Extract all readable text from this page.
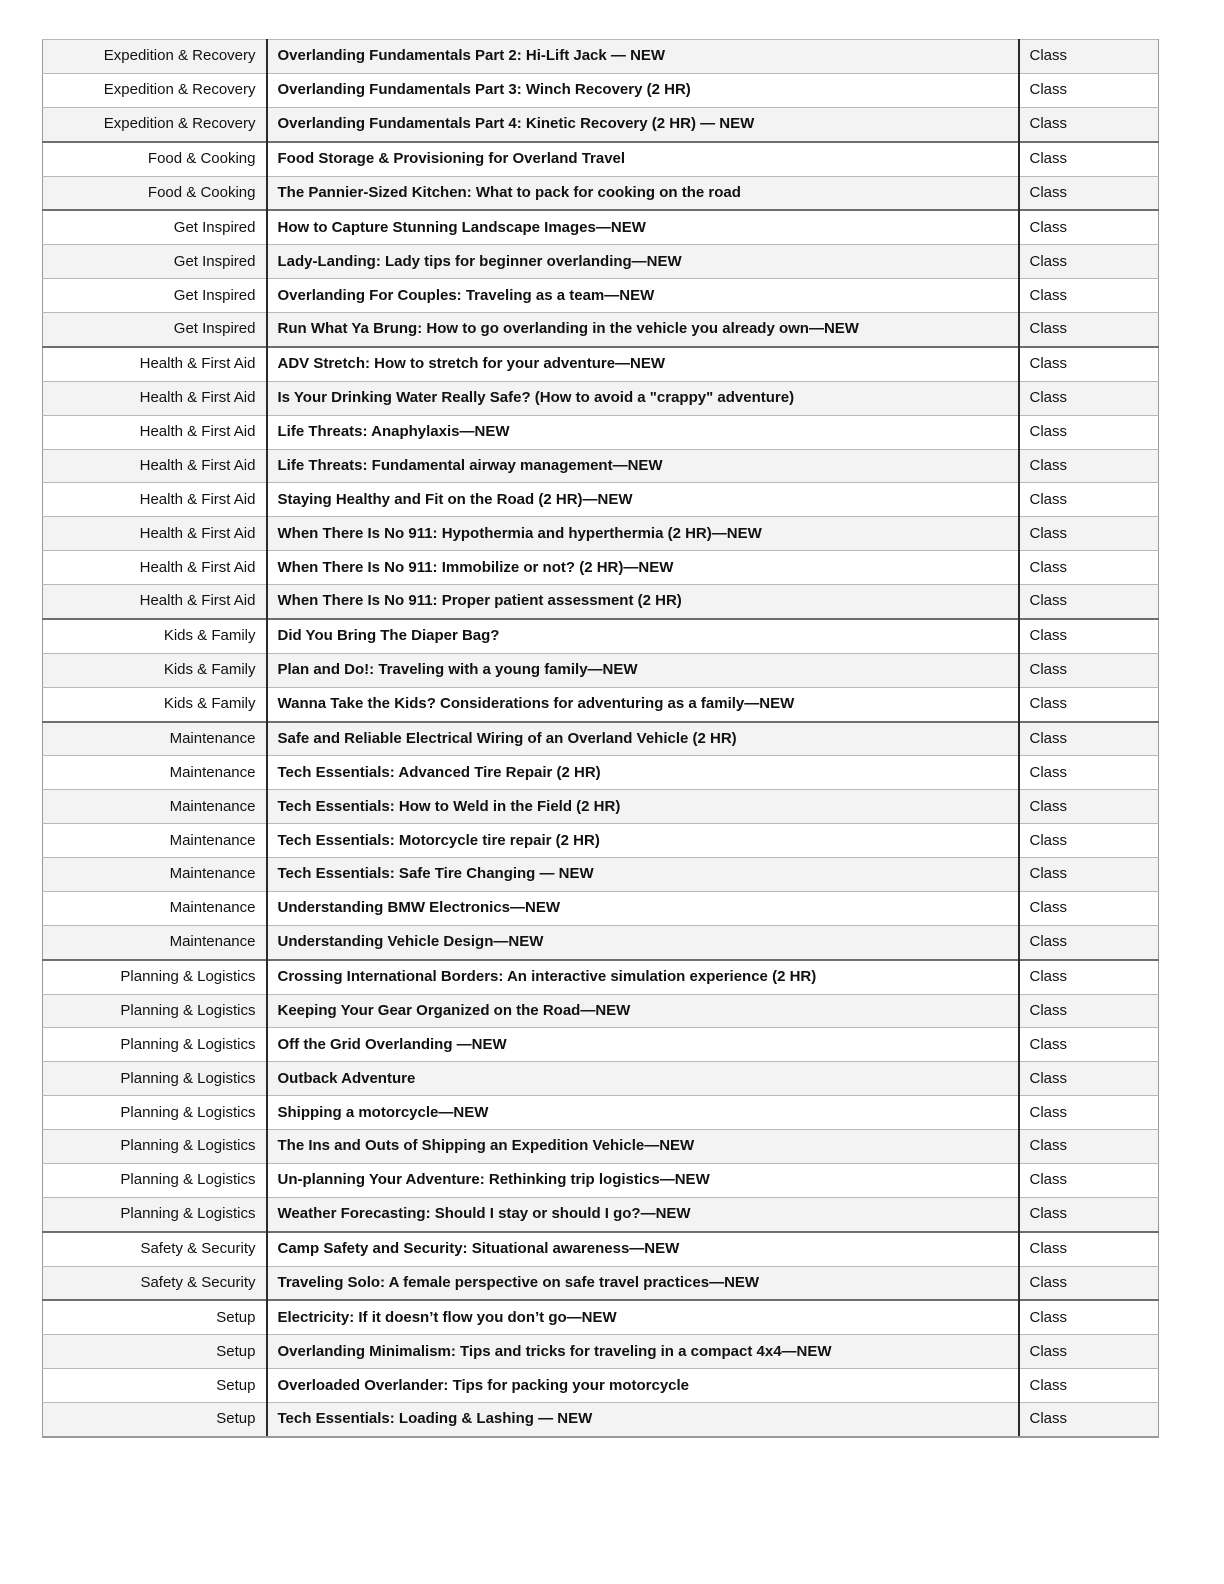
Expedition & Recovery	Overlanding Fundamentals Part 2: Hi-Lift Jack — NEW	Class
Expedition & Recovery	Overlanding Fundamentals Part 3: Winch Recovery (2 HR)	Class
Expedition & Recovery	Overlanding Fundamentals Part 4: Kinetic Recovery (2 HR) — NEW	Class
Food & Cooking	Food Storage & Provisioning for Overland Travel	Class
Food & Cooking	The Pannier-Sized Kitchen: What to pack for cooking on the road	Class
Get Inspired	How to Capture Stunning Landscape Images—NEW	Class
Get Inspired	Lady-Landing: Lady tips for beginner overlanding—NEW	Class
Get Inspired	Overlanding For Couples: Traveling as a team—NEW	Class
Get Inspired	Run What Ya Brung: How to go overlanding in the vehicle you already own—NEW	Class
Health & First Aid	ADV Stretch: How to stretch for your adventure—NEW	Class
Health & First Aid	Is Your Drinking Water Really Safe? (How to avoid a "crappy" adventure)	Class
Health & First Aid	Life Threats: Anaphylaxis—NEW	Class
Health & First Aid	Life Threats: Fundamental airway management—NEW	Class
Health & First Aid	Staying Healthy and Fit on the Road (2 HR)—NEW	Class
Health & First Aid	When There Is No 911: Hypothermia and hyperthermia (2 HR)—NEW	Class
Health & First Aid	When There Is No 911: Immobilize or not? (2 HR)—NEW	Class
Health & First Aid	When There Is No 911: Proper patient assessment (2 HR)	Class
Kids & Family	Did You Bring The Diaper Bag?	Class
Kids & Family	Plan and Do!: Traveling with a young family—NEW	Class
Kids & Family	Wanna Take the Kids? Considerations for adventuring as a family—NEW	Class
Maintenance	Safe and Reliable Electrical Wiring of an Overland Vehicle (2 HR)	Class
Maintenance	Tech Essentials: Advanced Tire Repair (2 HR)	Class
Maintenance	Tech Essentials: How to Weld in the Field (2 HR)	Class
Maintenance	Tech Essentials: Motorcycle tire repair (2 HR)	Class
Maintenance	Tech Essentials: Safe Tire Changing — NEW	Class
Maintenance	Understanding BMW Electronics—NEW	Class
Maintenance	Understanding Vehicle Design—NEW	Class
Planning & Logistics	Crossing International Borders: An interactive simulation experience (2 HR)	Class
Planning & Logistics	Keeping Your Gear Organized on the Road—NEW	Class
Planning & Logistics	Off the Grid Overlanding —NEW	Class
Planning & Logistics	Outback Adventure	Class
Planning & Logistics	Shipping a motorcycle—NEW	Class
Planning & Logistics	The Ins and Outs of Shipping an Expedition Vehicle—NEW	Class
Planning & Logistics	Un-planning Your Adventure: Rethinking trip logistics—NEW	Class
Planning & Logistics	Weather Forecasting: Should I stay or should I go?—NEW	Class
Safety & Security	Camp Safety and Security: Situational awareness—NEW	Class
Safety & Security	Traveling Solo: A female perspective on safe travel practices—NEW	Class
Setup	Electricity: If it doesn’t flow you don’t go—NEW	Class
Setup	Overlanding Minimalism: Tips and tricks for traveling in a compact 4x4—NEW	Class
Setup	Overloaded Overlander: Tips for packing your motorcycle	Class
Setup	Tech Essentials: Loading & Lashing — NEW	Class
